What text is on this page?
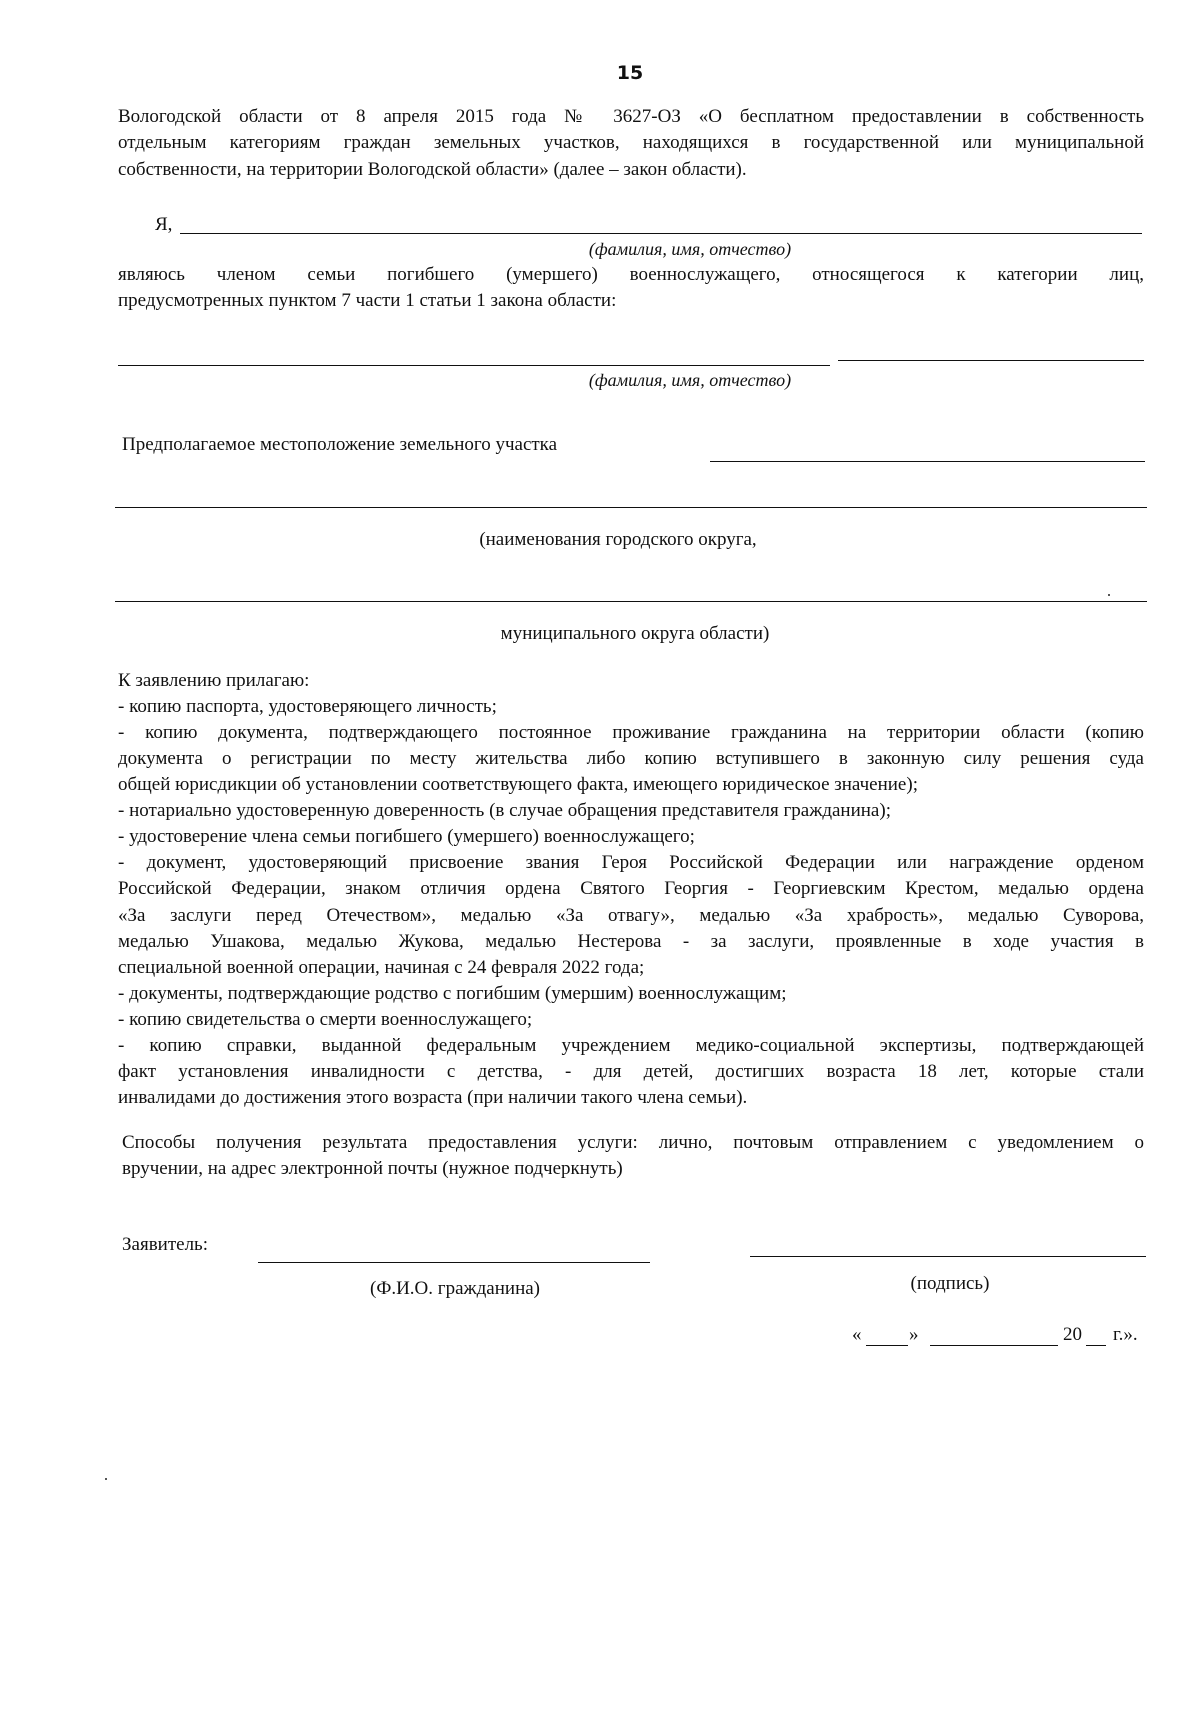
15
Вологодской области от 8 апреля 2015 года № 3627-ОЗ «О бесплатном предоставлении в собственность
отдельным категориям граждан земельных участков, находящихся в государственной или муниципальной
собственности, на территории Вологодской области» (далее – закон области).
Я,
(фамилия, имя, отчество)
являюсь членом семьи погибшего (умершего) военнослужащего, относящегося к категории лиц,
предусмотренных пунктом 7 части 1 статьи 1 закона области:
(фамилия, имя, отчество)
Предполагаемое местоположение земельного участка
(наименования городского округа,
муниципального округа области)
К заявлению прилагаю:
- копию паспорта, удостоверяющего личность;
- копию документа, подтверждающего постоянное проживание гражданина на территории области (копию
документа о регистрации по месту жительства либо копию вступившего в законную силу решения суда
общей юрисдикции об установлении соответствующего факта, имеющего юридическое значение);
- нотариально удостоверенную доверенность (в случае обращения представителя гражданина);
- удостоверение члена семьи погибшего (умершего) военнослужащего;
- документ, удостоверяющий присвоение звания Героя Российской Федерации или награждение орденом
Российской Федерации, знаком отличия ордена Святого Георгия - Георгиевским Крестом, медалью ордена
«За заслуги перед Отечеством», медалью «За отвагу», медалью «За храбрость», медалью Суворова,
медалью Ушакова, медалью Жукова, медалью Нестерова - за заслуги, проявленные в ходе участия в
специальной военной операции, начиная с 24 февраля 2022 года;
- документы, подтверждающие родство с погибшим (умершим) военнослужащим;
- копию свидетельства о смерти военнослужащего;
- копию справки, выданной федеральным учреждением медико-социальной экспертизы, подтверждающей
факт установления инвалидности с детства, - для детей, достигших возраста 18 лет, которые стали
инвалидами до достижения этого возраста (при наличии такого члена семьи).
Способы получения результата предоставления услуги: лично, почтовым отправлением с уведомлением о
вручении, на адрес электронной почты (нужное подчеркнуть)
Заявитель:
(Ф.И.О. гражданина)	(подпись)
«	»	20 г.».
